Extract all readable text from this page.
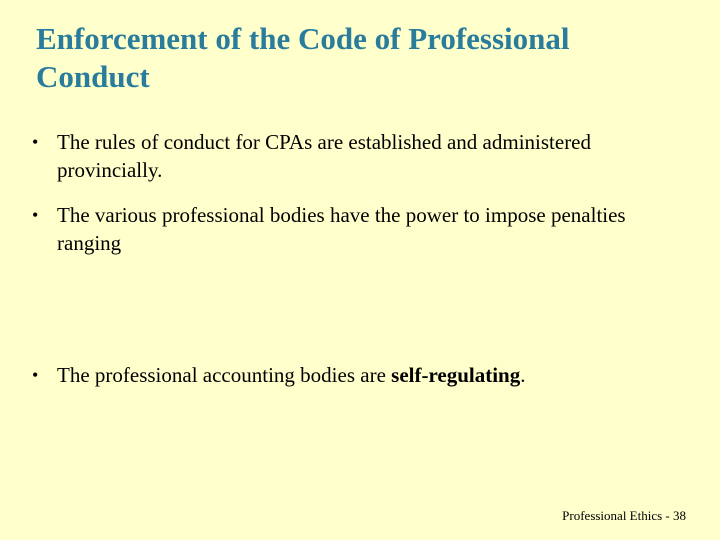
Enforcement of the Code of Professional Conduct
• The rules of conduct for CPAs are established and administered provincially.
• The various professional bodies have the power to impose penalties ranging
• The professional accounting bodies are self-regulating.
Professional Ethics - 38
